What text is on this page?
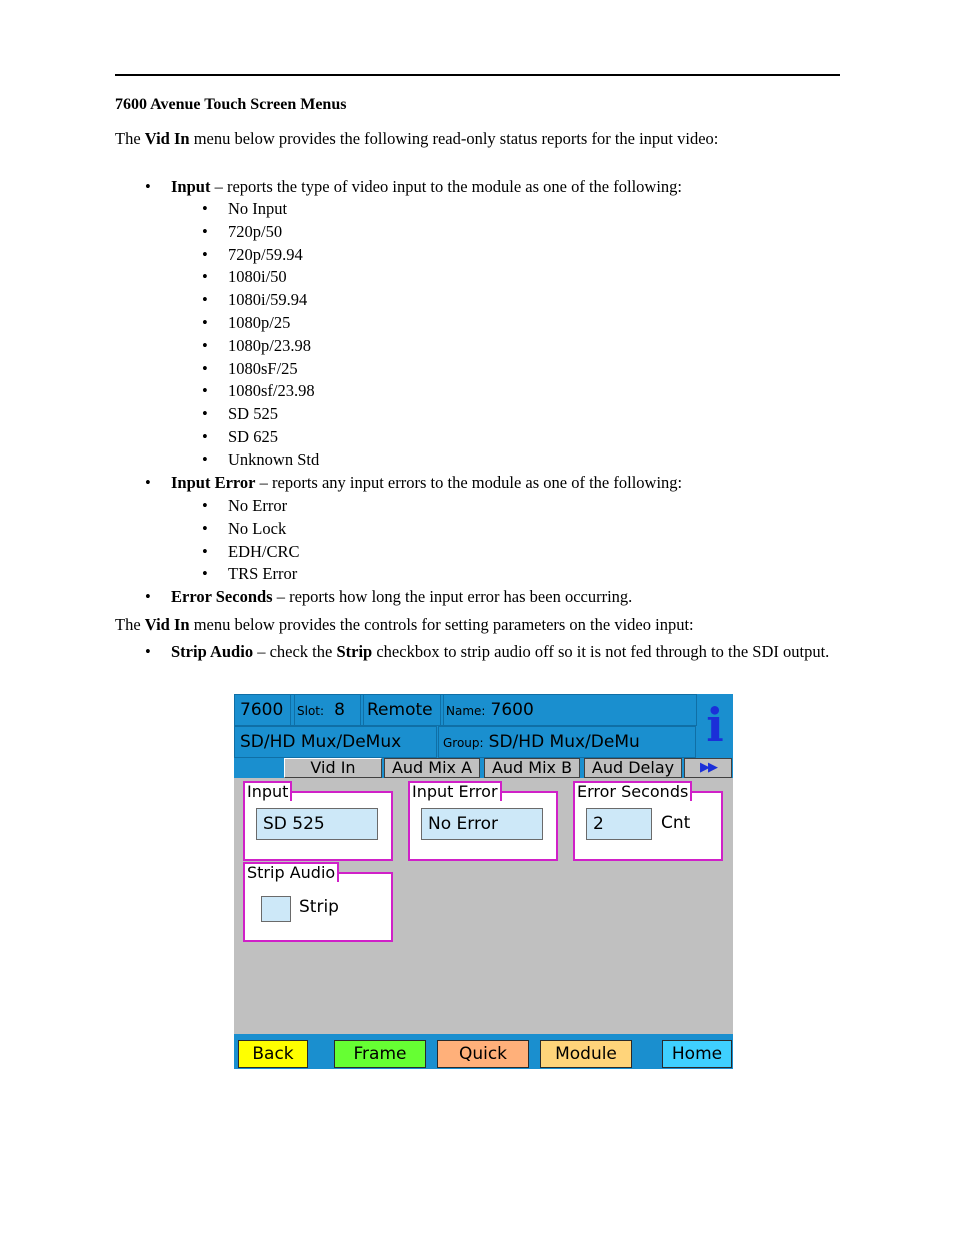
7600 Avenue Touch Screen Menus
The Vid In menu below provides the following read-only status reports for the input video:
• Input – reports the type of video input to the module as one of the following:
• No Input
• 720p/50
• 720p/59.94
• 1080i/50
• 1080i/59.94
• 1080p/25
• 1080p/23.98
• 1080sF/25
• 1080sf/23.98
• SD 525
• SD 625
• Unknown Std
• Input Error – reports any input errors to the module as one of the following:
• No Error
• No Lock
• EDH/CRC
• TRS Error
• Error Seconds – reports how long the input error has been occurring.
The Vid In menu below provides the controls for setting parameters on the video input:
• Strip Audio – check the Strip checkbox to strip audio off so it is not fed through to the SDI output.
7600	Slot: 8	Remote	Name: 7600
SD/HD Mux/DeMux	Group: SD/HD Mux/DeMu	i
Vid In	Aud Mix A	Aud Mix B	Aud Delay	▶▶
SD 525
Input
No Error
Input Error
2	Cnt
Error Seconds
Strip
Strip Audio
Back	Frame	Quick	Module	Home
